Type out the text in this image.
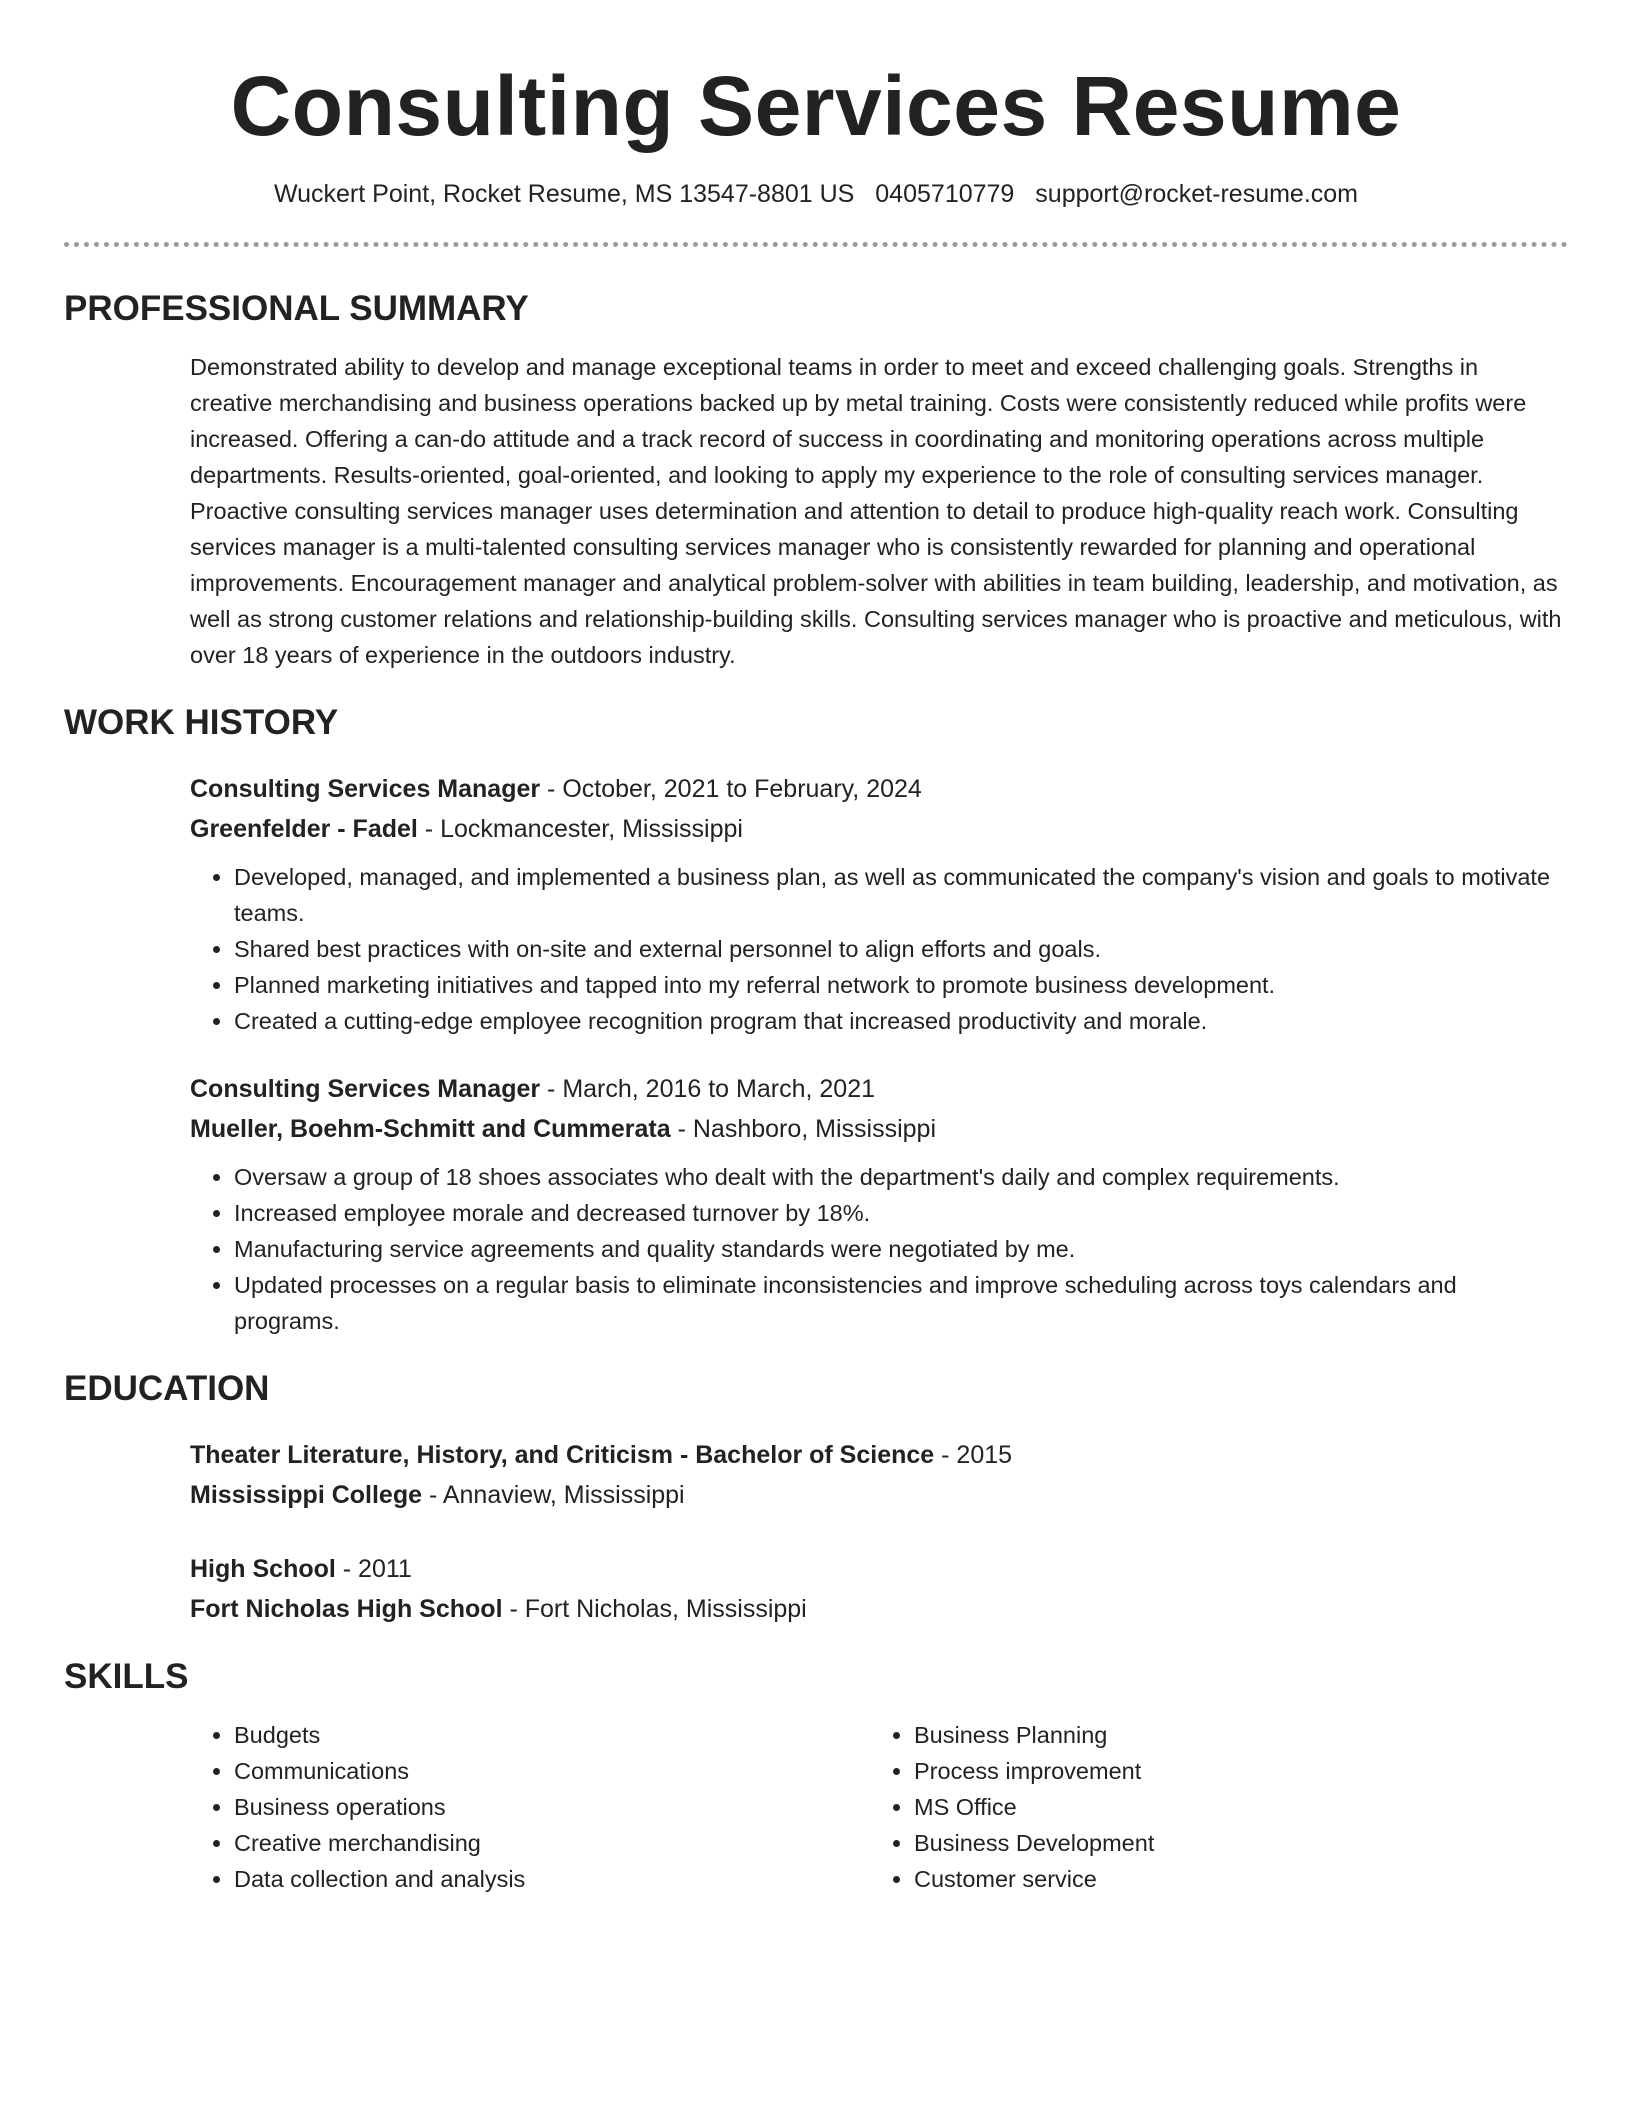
Consulting Services Resume
Wuckert Point, Rocket Resume, MS 13547-8801 US 0405710779 support@rocket-resume.com
PROFESSIONAL SUMMARY

Demonstrated ability to develop and manage exceptional teams in order to meet and exceed challenging goals. Strengths in creative merchandising and business operations backed up by metal training. Costs were consistently reduced while profits were increased. Offering a can-do attitude and a track record of success in coordinating and monitoring operations across multiple departments. Results-oriented, goal-oriented, and looking to apply my experience to the role of consulting services manager. Proactive consulting services manager uses determination and attention to detail to produce high-quality reach work. Consulting services manager is a multi-talented consulting services manager who is consistently rewarded for planning and operational improvements. Encouragement manager and analytical problem-solver with abilities in team building, leadership, and motivation, as well as strong customer relations and relationship-building skills. Consulting services manager who is proactive and meticulous, with over 18 years of experience in the outdoors industry.

WORK HISTORY

Consulting Services Manager - October, 2021 to February, 2024

Greenfelder - Fadel - Lockmancester, Mississippi

• Developed, managed, and implemented a business plan, as well as communicated the company's vision and goals to motivate teams.
• Shared best practices with on-site and external personnel to align efforts and goals.
• Planned marketing initiatives and tapped into my referral network to promote business development.
• Created a cutting-edge employee recognition program that increased productivity and morale.

Consulting Services Manager - March, 2016 to March, 2021

Mueller, Boehm-Schmitt and Cummerata - Nashboro, Mississippi

• Oversaw a group of 18 shoes associates who dealt with the department's daily and complex requirements.
• Increased employee morale and decreased turnover by 18%.
• Manufacturing service agreements and quality standards were negotiated by me.
• Updated processes on a regular basis to eliminate inconsistencies and improve scheduling across toys calendars and programs.
EDUCATION

Theater Literature, History, and Criticism - Bachelor of Science - 2015

Mississippi College - Annaview, Mississippi

High School - 2011

Fort Nicholas High School - Fort Nicholas, Mississippi

SKILLS
• Budgets
• Communications
• Business operations
• Creative merchandising
• Data collection and analysis
• Business Planning
• Process improvement
• MS Office
• Business Development
• Customer service
